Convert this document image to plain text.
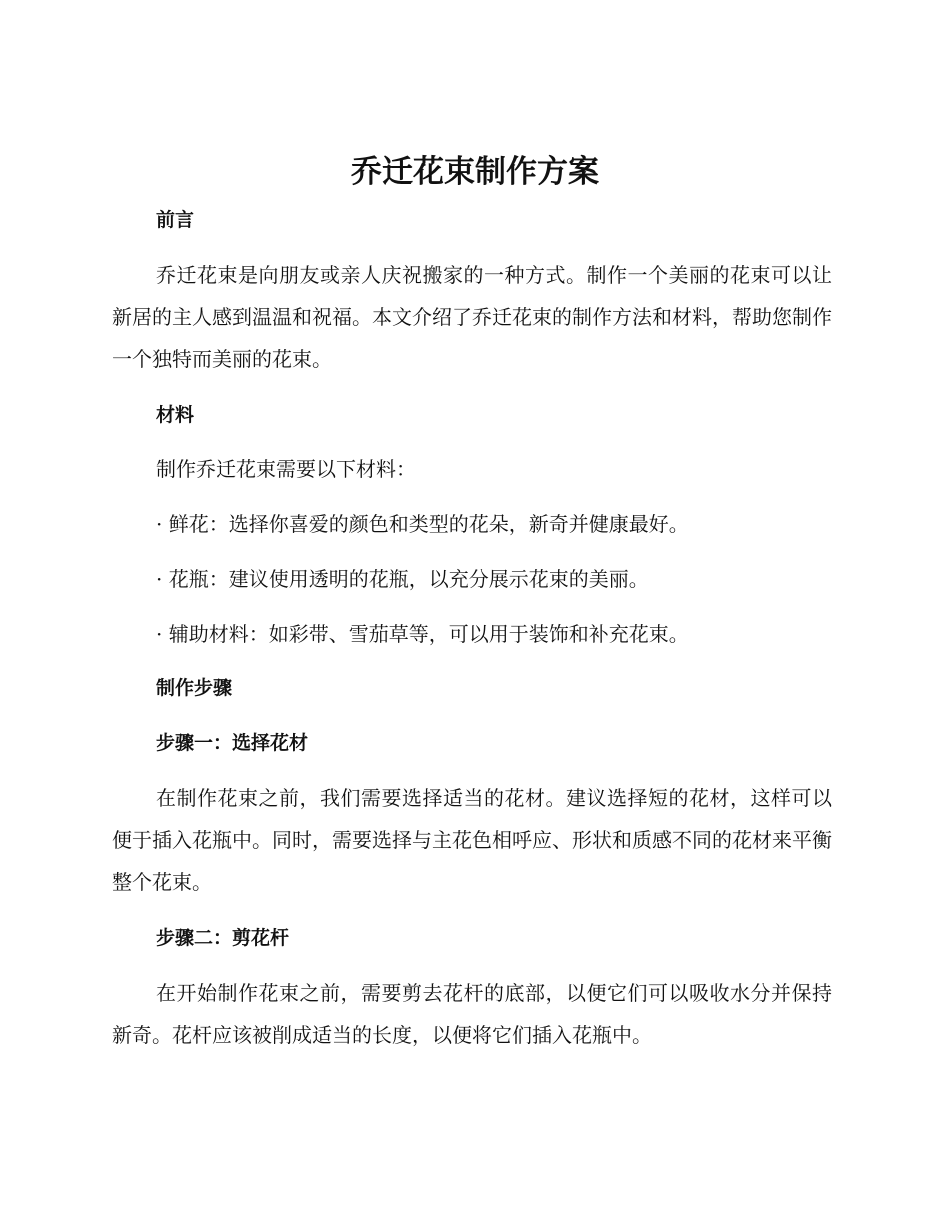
乔迁花束制作方案
前言

乔迁花束是向朋友或亲人庆祝搬家的一种方式。制作一个美丽的花束可以让新居的主人感到温温和祝福。本文介绍了乔迁花束的制作方法和材料，帮助您制作一个独特而美丽的花束。

材料

制作乔迁花束需要以下材料：

· 鲜花：选择你喜爱的颜色和类型的花朵，新奇并健康最好。

· 花瓶：建议使用透明的花瓶，以充分展示花束的美丽。

· 辅助材料：如彩带、雪茄草等，可以用于装饰和补充花束。

制作步骤
步骤一：选择花材

在制作花束之前，我们需要选择适当的花材。建议选择短的花材，这样可以便于插入花瓶中。同时，需要选择与主花色相呼应、形状和质感不同的花材来平衡整个花束。

步骤二：剪花杆

在开始制作花束之前，需要剪去花杆的底部，以便它们可以吸收水分并保持新奇。花杆应该被削成适当的长度，以便将它们插入花瓶中。
